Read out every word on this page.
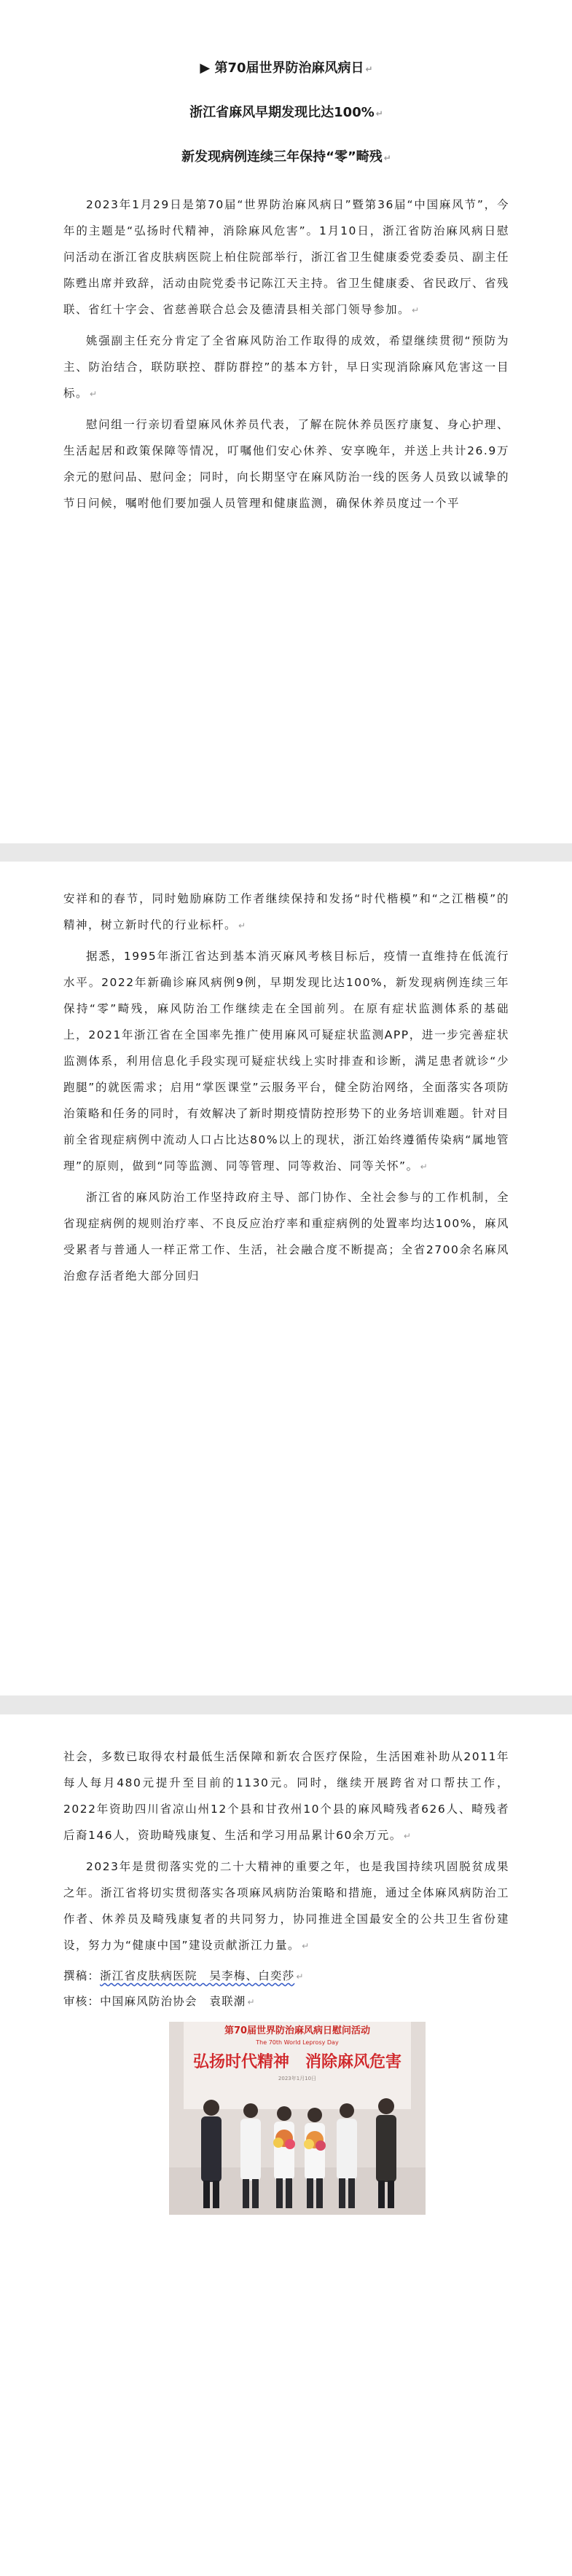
▶ 第70届世界防治麻风病日 ↵

浙江省麻风早期发现比达100% ↵

新发现病例连续三年保持“零”畸残 ↵

2023年1月29日是第70届“世界防治麻风病日”暨第36届“中国麻风节”，今年的主题是“弘扬时代精神，消除麻风危害”。1月10日，浙江省防治麻风病日慰问活动在浙江省皮肤病医院上柏住院部举行，浙江省卫生健康委党委委员、副主任陈甦出席并致辞，活动由院党委书记陈江天主持。省卫生健康委、省民政厅、省残联、省红十字会、省慈善联合总会及德清县相关部门领导参加。 ↵

姚强副主任充分肯定了全省麻风防治工作取得的成效，希望继续贯彻“预防为主、防治结合，联防联控、群防群控”的基本方针，早日实现消除麻风危害这一目标。 ↵

慰问组一行亲切看望麻风休养员代表，了解在院休养员医疗康复、身心护理、生活起居和政策保障等情况，叮嘱他们安心休养、安享晚年，并送上共计26.9万余元的慰问品、慰问金；同时，向长期坚守在麻风防治一线的医务人员致以诚挚的节日问候，嘱咐他们要加强人员管理和健康监测，确保休养员度过一个平

安祥和的春节，同时勉励麻防工作者继续保持和发扬“时代楷模”和“之江楷模”的精神，树立新时代的行业标杆。 ↵

据悉，1995年浙江省达到基本消灭麻风考核目标后，疫情一直维持在低流行水平。2022年新确诊麻风病例9例，早期发现比达100%，新发现病例连续三年保持“零”畸残，麻风防治工作继续走在全国前列。在原有症状监测体系的基础上，2021年浙江省在全国率先推广使用麻风可疑症状监测APP，进一步完善症状监测体系，利用信息化手段实现可疑症状线上实时排查和诊断，满足患者就诊“少跑腿”的就医需求；启用“掌医课堂”云服务平台，健全防治网络，全面落实各项防治策略和任务的同时，有效解决了新时期疫情防控形势下的业务培训难题。针对目前全省现症病例中流动人口占比达80%以上的现状，浙江始终遵循传染病“属地管理”的原则，做到“同等监测、同等管理、同等救治、同等关怀”。 ↵

浙江省的麻风防治工作坚持政府主导、部门协作、全社会参与的工作机制，全省现症病例的规则治疗率、不良反应治疗率和重症病例的处置率均达100%，麻风受累者与普通人一样正常工作、生活，社会融合度不断提高；全省2700余名麻风治愈存活者绝大部分回归

社会，多数已取得农村最低生活保障和新农合医疗保险，生活困难补助从2011年每人每月480元提升至目前的1130元。同时，继续开展跨省对口帮扶工作，2022年资助四川省凉山州12个县和甘孜州10个县的麻风畸残者626人、畸残者后裔146人，资助畸残康复、生活和学习用品累计60余万元。 ↵

2023年是贯彻落实党的二十大精神的重要之年，也是我国持续巩固脱贫成果之年。浙江省将切实贯彻落实各项麻风病防治策略和措施，通过全体麻风病防治工作者、休养员及畸残康复者的共同努力，协同推进全国最安全的公共卫生省份建设，努力为“健康中国”建设贡献浙江力量。 ↵

撰稿：浙江省皮肤病医院　吴李梅、白奕莎 ↵

审核：中国麻风防治协会　袁联潮 ↵

第70届世界防治麻风病日慰问活动
The 70th World Leprosy Day
弘扬时代精神　消除麻风危害
2023年1月10日
